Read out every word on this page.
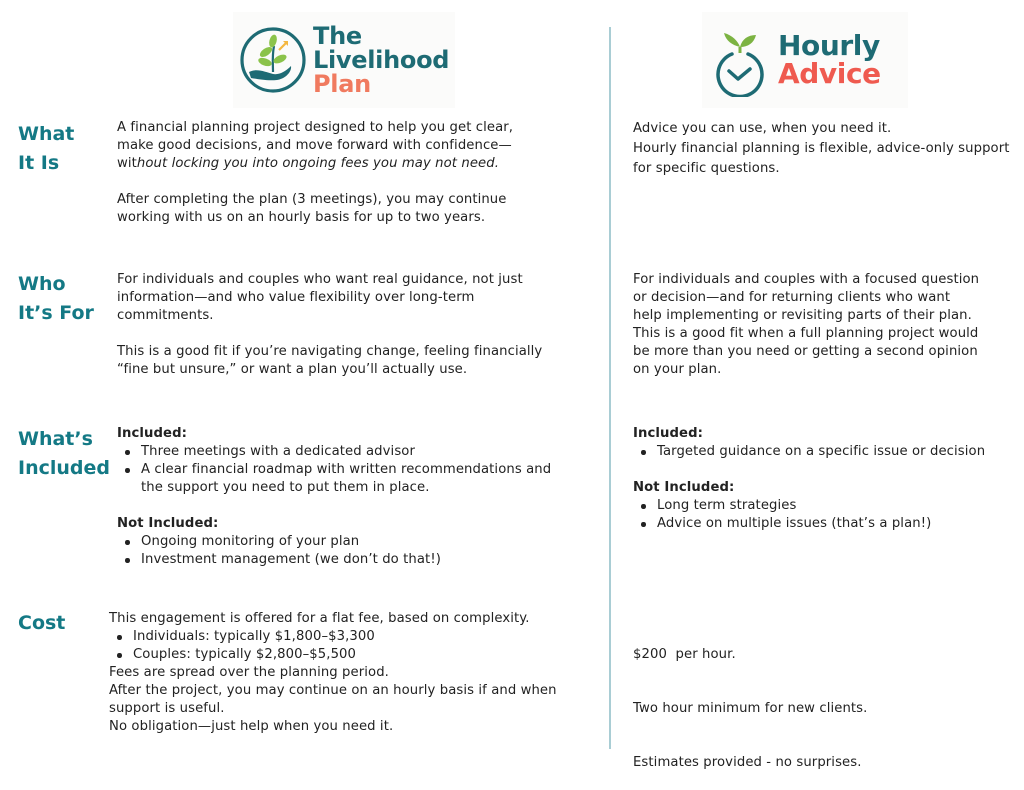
The
Livelihood
Plan
Hourly
Advice
What
It Is

A financial planning project designed to help you get clear,

make good decisions, and move forward with confidence—

without locking you into ongoing fees you may not need.

After completing the plan (3 meetings), you may continue

working with us on an hourly basis for up to two years.

Advice you can use, when you need it.

Hourly financial planning is flexible, advice-only support

for specific questions.

Who
It’s For

For individuals and couples who want real guidance, not just

information—and who value flexibility over long-term

commitments.

This is a good fit if you’re navigating change, feeling financially

“fine but unsure,” or want a plan you’ll actually use.

For individuals and couples with a focused question

or decision—and for returning clients who want

help implementing or revisiting parts of their plan.

This is a good fit when a full planning project would

be more than you need or getting a second opinion

on your plan.

What’s
Included

Included:

Three meetings with a dedicated advisor
A clear financial roadmap with written recommendations and
the support you need to put them in place.

Not Included:

Ongoing monitoring of your plan
Investment management (we don’t do that!)

Included:

Targeted guidance on a specific issue or decision

Not Included:

Long term strategies
Advice on multiple issues (that’s a plan!)
Cost	This engagement is offered for a flat fee, based on complexity.

Individuals: typically $1,800–$3,300
Couples: typically $2,800–$5,500

Fees are spread over the planning period.

After the project, you may continue on an hourly basis if and when

support is useful.

No obligation—just help when you need it.

$200  per hour.

Two hour minimum for new clients.

Estimates provided - no surprises.
